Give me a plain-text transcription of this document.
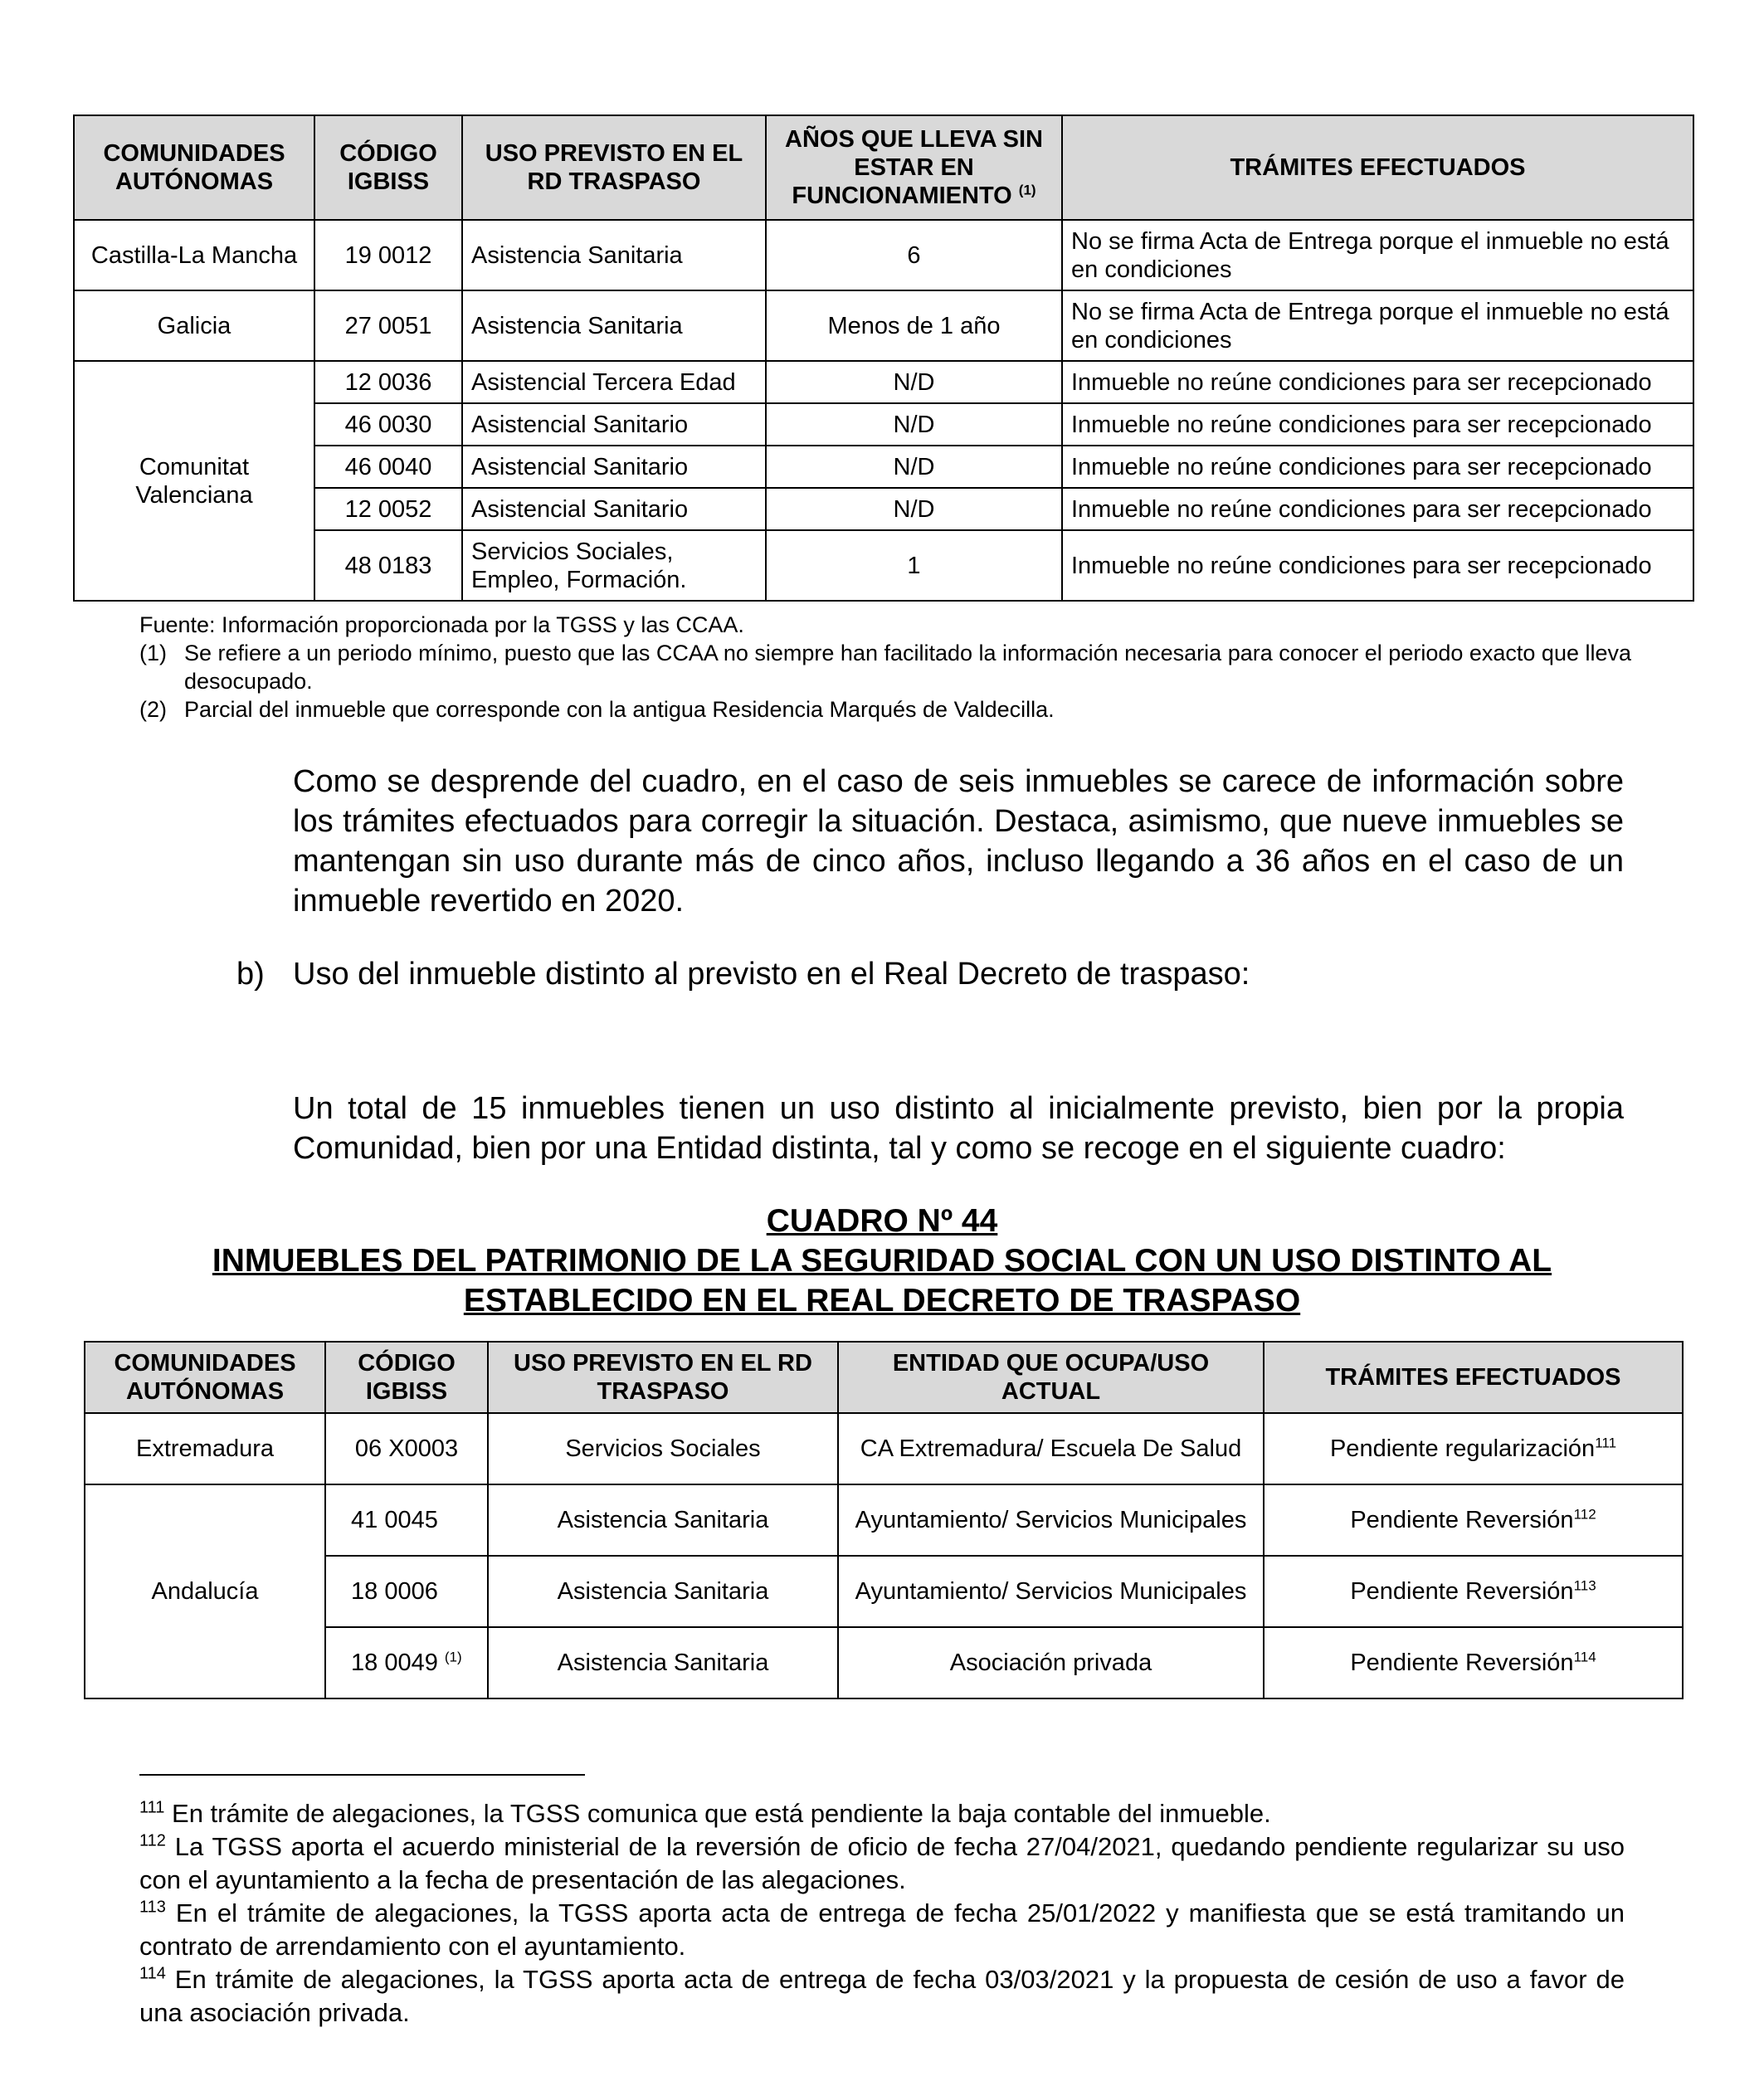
COMUNIDADES AUTÓNOMAS	CÓDIGO IGBISS	USO PREVISTO EN EL RD TRASPASO	AÑOS QUE LLEVA SIN ESTAR EN FUNCIONAMIENTO $^{(1)}$	TRÁMITES EFECTUADOS
Castilla-La Mancha	19 0012	Asistencia Sanitaria	6	No se firma Acta de Entrega porque el inmueble no está en condiciones
Galicia	27 0051	Asistencia Sanitaria	Menos de 1 año	No se firma Acta de Entrega porque el inmueble no está en condiciones
Comunitat Valenciana	12 0036	Asistencial Tercera Edad	N/D	Inmueble no reúne condiciones para ser recepcionado
	46 0030	Asistencial Sanitario	N/D	Inmueble no reúne condiciones para ser recepcionado
	46 0040	Asistencial Sanitario	N/D	Inmueble no reúne condiciones para ser recepcionado
	12 0052	Asistencial Sanitario	N/D	Inmueble no reúne condiciones para ser recepcionado
	48 0183	Servicios Sociales, Empleo, Formación.	1	Inmueble no reúne condiciones para ser recepcionado
Fuente: Información proporcionada por la TGSS y las CCAA.
(1) Se refiere a un periodo mínimo, puesto que las CCAA no siempre han facilitado la información necesaria para conocer el periodo exacto que lleva desocupado.
(2) Parcial del inmueble que corresponde con la antigua Residencia Marqués de Valdecilla.

Como se desprende del cuadro, en el caso de seis inmuebles se carece de información sobre los trámites efectuados para corregir la situación. Destaca, asimismo, que nueve inmuebles se mantengan sin uso durante más de cinco años, incluso llegando a 36 años en el caso de un inmueble revertido en 2020.

b) Uso del inmueble distinto al previsto en el Real Decreto de traspaso:

Un total de 15 inmuebles tienen un uso distinto al inicialmente previsto, bien por la propia Comunidad, bien por una Entidad distinta, tal y como se recoge en el siguiente cuadro:

CUADRO Nº 44
INMUEBLES DEL PATRIMONIO DE LA SEGURIDAD SOCIAL CON UN USO DISTINTO AL
ESTABLECIDO EN EL REAL DECRETO DE TRASPASO
COMUNIDADES AUTÓNOMAS	CÓDIGO IGBISS	USO PREVISTO EN EL RD TRASPASO	ENTIDAD QUE OCUPA/USO ACTUAL	TRÁMITES EFECTUADOS
Extremadura	06 X0003	Servicios Sociales	CA Extremadura/ Escuela De Salud	Pendiente regularización$^{111}$
Andalucía	41 0045	Asistencia Sanitaria	Ayuntamiento/ Servicios Municipales	Pendiente Reversión$^{112}$
	18 0006	Asistencia Sanitaria	Ayuntamiento/ Servicios Municipales	Pendiente Reversión$^{113}$
	18 0049 $^{(1)}$	Asistencia Sanitaria	Asociación privada	Pendiente Reversión$^{114}$

$^{111}$ En trámite de alegaciones, la TGSS comunica que está pendiente la baja contable del inmueble.

$^{112}$ La TGSS aporta el acuerdo ministerial de la reversión de oficio de fecha 27/04/2021, quedando pendiente regularizar su uso con el ayuntamiento a la fecha de presentación de las alegaciones.

$^{113}$ En el trámite de alegaciones, la TGSS aporta acta de entrega de fecha 25/01/2022 y manifiesta que se está tramitando un contrato de arrendamiento con el ayuntamiento.

$^{114}$ En trámite de alegaciones, la TGSS aporta acta de entrega de fecha 03/03/2021 y la propuesta de cesión de uso a favor de una asociación privada.
